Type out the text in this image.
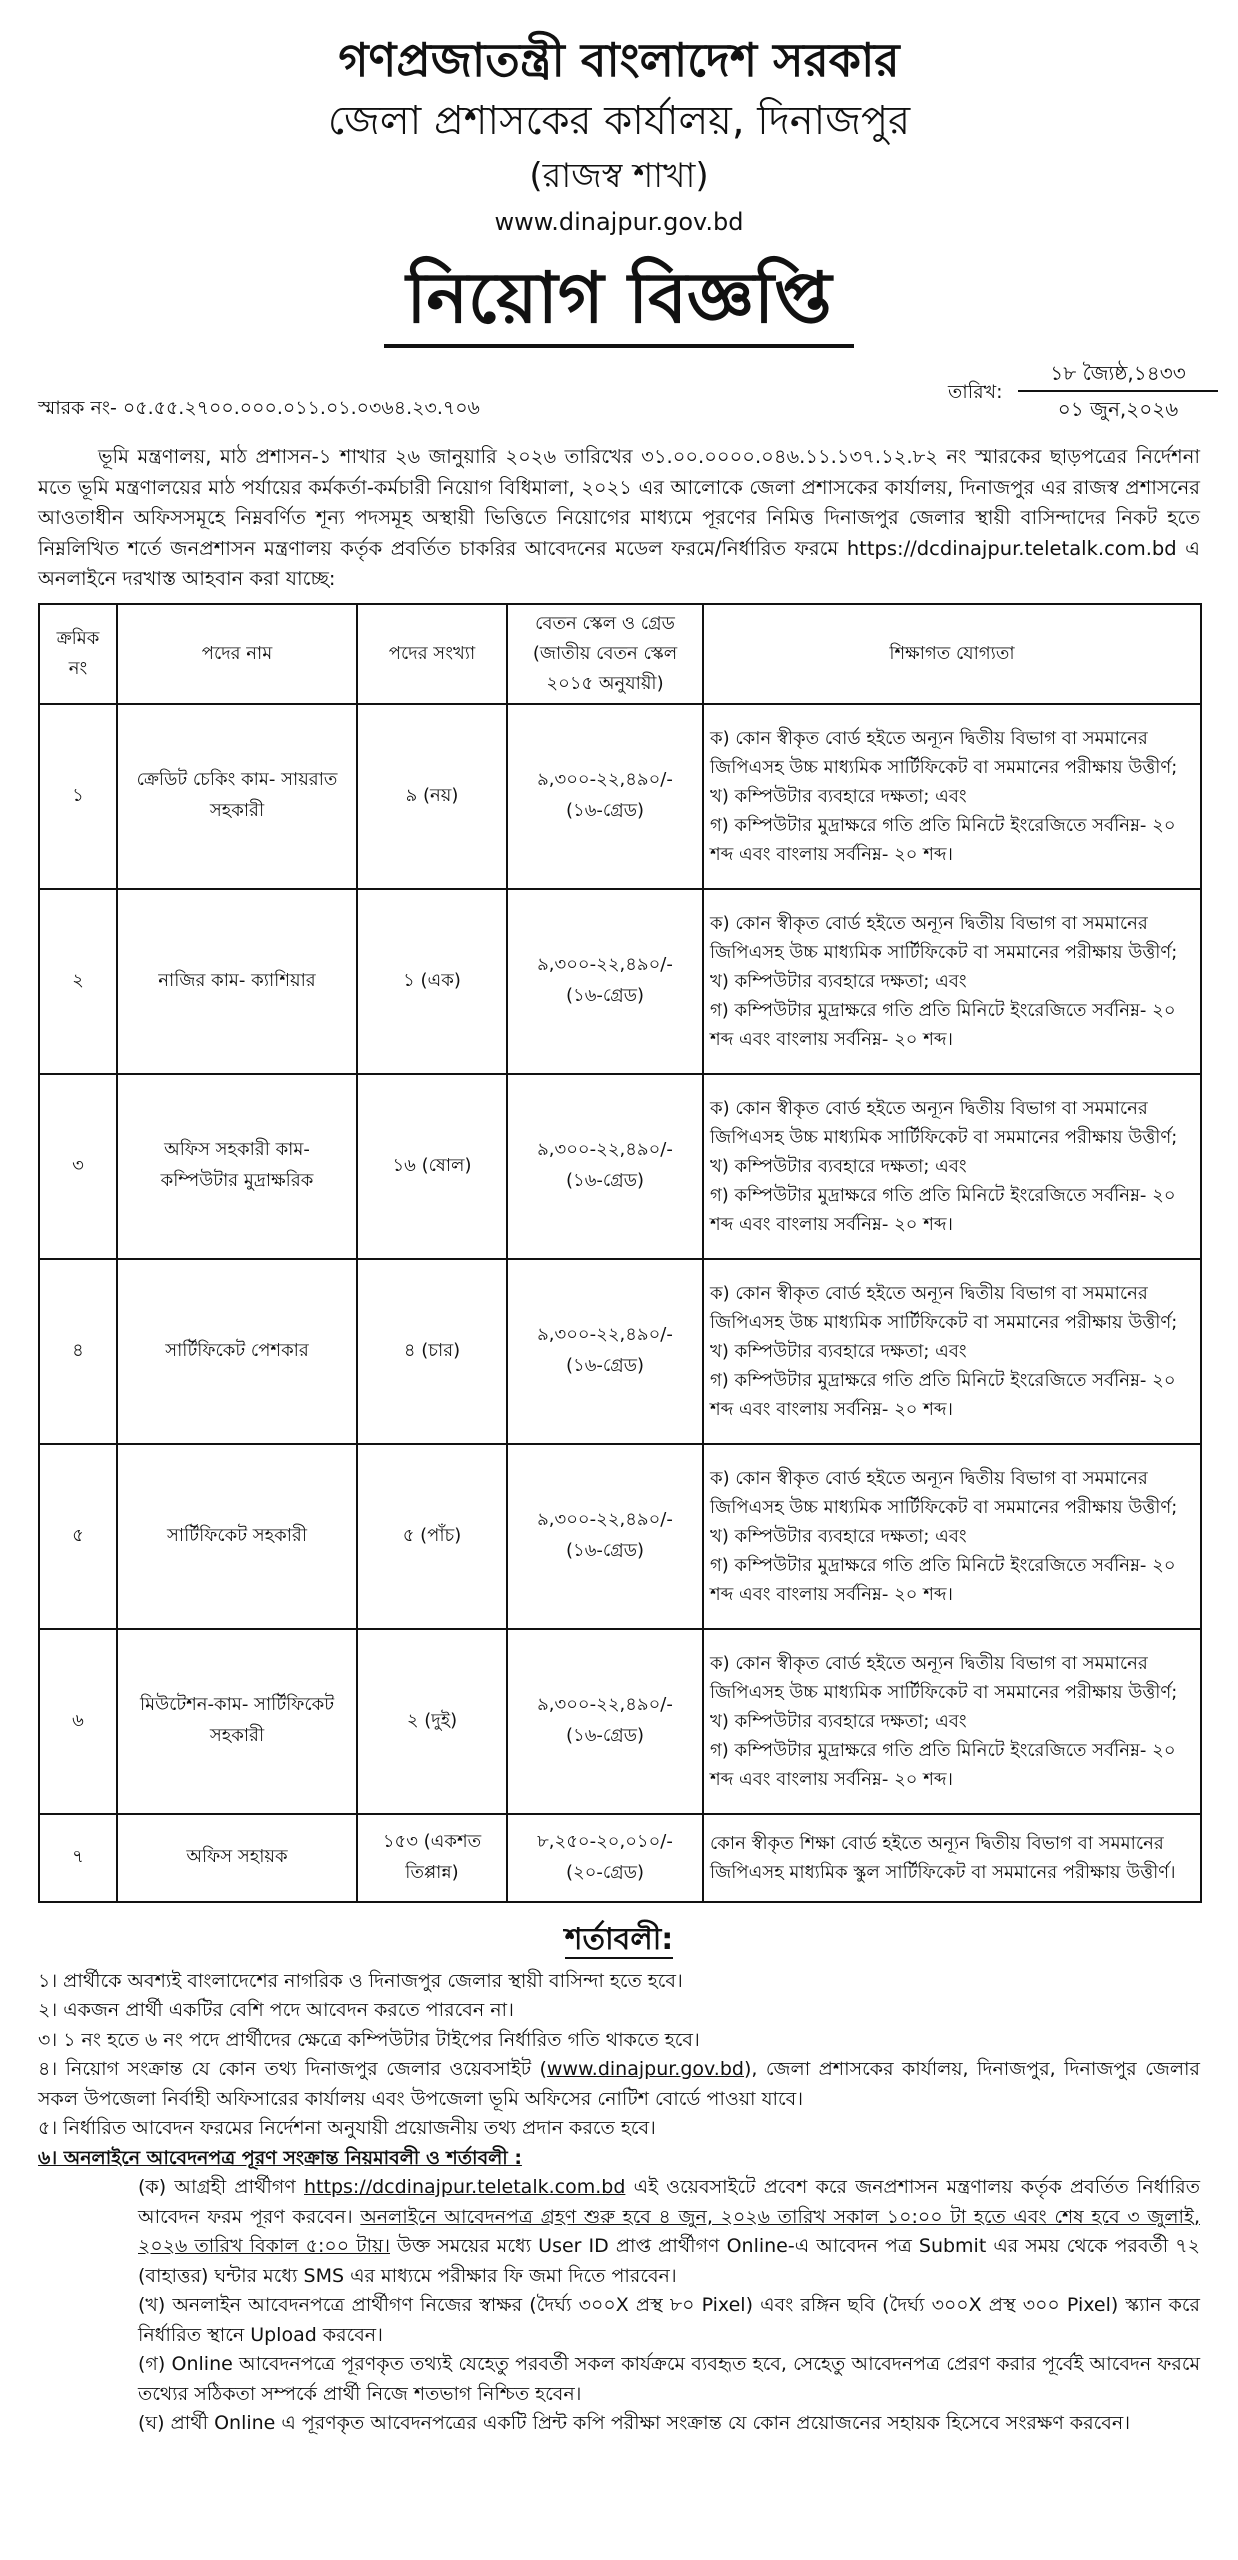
গণপ্রজাতন্ত্রী বাংলাদেশ সরকার
জেলা প্রশাসকের কার্যালয়, দিনাজপুর
(রাজস্ব শাখা)
www.dinajpur.gov.bd
নিয়োগ বিজ্ঞপ্তি
স্মারক নং- ০৫.৫৫.২৭০০.০০০.০১১.০১.০৩৬৪.২৩.৭০৬
তারিখ:
১৮ জ্যৈষ্ঠ,১৪৩৩
০১ জুন,২০২৬

ভূমি মন্ত্রণালয়, মাঠ প্রশাসন-১ শাখার ২৬ জানুয়ারি ২০২৬ তারিখের ৩১.০০.০০০০.০৪৬.১১.১৩৭.১২.৮২ নং স্মারকের ছাড়পত্রের নির্দেশনা মতে ভূমি মন্ত্রণালয়ের মাঠ পর্যায়ের কর্মকর্তা-কর্মচারী নিয়োগ বিধিমালা, ২০২১ এর আলোকে জেলা প্রশাসকের কার্যালয়, দিনাজপুর এর রাজস্ব প্রশাসনের আওতাধীন অফিসসমূহে নিম্নবর্ণিত শূন্য পদসমূহ অস্থায়ী ভিত্তিতে নিয়োগের মাধ্যমে পূরণের নিমিত্ত দিনাজপুর জেলার স্থায়ী বাসিন্দাদের নিকট হতে নিম্নলিখিত শর্তে জনপ্রশাসন মন্ত্রণালয় কর্তৃক প্রবর্তিত চাকরির আবেদনের মডেল ফরমে/নির্ধারিত ফরমে https://dcdinajpur.teletalk.com.bd এ অনলাইনে দরখাস্ত আহবান করা যাচ্ছে:

ক্রমিক নং	পদের নাম	পদের সংখ্যা	বেতন স্কেল ও গ্রেড (জাতীয় বেতন স্কেল ২০১৫ অনুযায়ী)	শিক্ষাগত যোগ্যতা
১	ক্রেডিট চেকিং কাম- সায়রাত সহকারী	৯ (নয়)	৯,৩০০-২২,৪৯০/-
(১৬-গ্রেড)	ক) কোন স্বীকৃত বোর্ড হইতে অন্যূন দ্বিতীয় বিভাগ বা সমমানের জিপিএসহ উচ্চ মাধ্যমিক সার্টিফিকেট বা সমমানের পরীক্ষায় উত্তীর্ণ;
খ) কম্পিউটার ব্যবহারে দক্ষতা; এবং
গ) কম্পিউটার মুদ্রাক্ষরে গতি প্রতি মিনিটে ইংরেজিতে সর্বনিম্ন- ২০ শব্দ এবং বাংলায় সর্বনিম্ন- ২০ শব্দ।

২	নাজির কাম- ক্যাশিয়ার	১ (এক)	৯,৩০০-২২,৪৯০/-
(১৬-গ্রেড)	ক) কোন স্বীকৃত বোর্ড হইতে অন্যূন দ্বিতীয় বিভাগ বা সমমানের জিপিএসহ উচ্চ মাধ্যমিক সার্টিফিকেট বা সমমানের পরীক্ষায় উত্তীর্ণ;
খ) কম্পিউটার ব্যবহারে দক্ষতা; এবং
গ) কম্পিউটার মুদ্রাক্ষরে গতি প্রতি মিনিটে ইংরেজিতে সর্বনিম্ন- ২০ শব্দ এবং বাংলায় সর্বনিম্ন- ২০ শব্দ।

৩	অফিস সহকারী কাম- কম্পিউটার মুদ্রাক্ষরিক	১৬ (ষোল)	৯,৩০০-২২,৪৯০/-
(১৬-গ্রেড)	ক) কোন স্বীকৃত বোর্ড হইতে অন্যূন দ্বিতীয় বিভাগ বা সমমানের জিপিএসহ উচ্চ মাধ্যমিক সার্টিফিকেট বা সমমানের পরীক্ষায় উত্তীর্ণ;
খ) কম্পিউটার ব্যবহারে দক্ষতা; এবং
গ) কম্পিউটার মুদ্রাক্ষরে গতি প্রতি মিনিটে ইংরেজিতে সর্বনিম্ন- ২০ শব্দ এবং বাংলায় সর্বনিম্ন- ২০ শব্দ।

৪	সার্টিফিকেট পেশকার	৪ (চার)	৯,৩০০-২২,৪৯০/-
(১৬-গ্রেড)	ক) কোন স্বীকৃত বোর্ড হইতে অন্যূন দ্বিতীয় বিভাগ বা সমমানের জিপিএসহ উচ্চ মাধ্যমিক সার্টিফিকেট বা সমমানের পরীক্ষায় উত্তীর্ণ;
খ) কম্পিউটার ব্যবহারে দক্ষতা; এবং
গ) কম্পিউটার মুদ্রাক্ষরে গতি প্রতি মিনিটে ইংরেজিতে সর্বনিম্ন- ২০ শব্দ এবং বাংলায় সর্বনিম্ন- ২০ শব্দ।

৫	সার্টিফিকেট সহকারী	৫ (পাঁচ)	৯,৩০০-২২,৪৯০/-
(১৬-গ্রেড)	ক) কোন স্বীকৃত বোর্ড হইতে অন্যূন দ্বিতীয় বিভাগ বা সমমানের জিপিএসহ উচ্চ মাধ্যমিক সার্টিফিকেট বা সমমানের পরীক্ষায় উত্তীর্ণ;
খ) কম্পিউটার ব্যবহারে দক্ষতা; এবং
গ) কম্পিউটার মুদ্রাক্ষরে গতি প্রতি মিনিটে ইংরেজিতে সর্বনিম্ন- ২০ শব্দ এবং বাংলায় সর্বনিম্ন- ২০ শব্দ।

৬	মিউটেশন-কাম- সার্টিফিকেট সহকারী	২ (দুই)	৯,৩০০-২২,৪৯০/-
(১৬-গ্রেড)	ক) কোন স্বীকৃত বোর্ড হইতে অন্যূন দ্বিতীয় বিভাগ বা সমমানের জিপিএসহ উচ্চ মাধ্যমিক সার্টিফিকেট বা সমমানের পরীক্ষায় উত্তীর্ণ;
খ) কম্পিউটার ব্যবহারে দক্ষতা; এবং
গ) কম্পিউটার মুদ্রাক্ষরে গতি প্রতি মিনিটে ইংরেজিতে সর্বনিম্ন- ২০ শব্দ এবং বাংলায় সর্বনিম্ন- ২০ শব্দ।

৭	অফিস সহায়ক	১৫৩ (একশত তিপ্পান্ন)	৮,২৫০-২০,০১০/-
(২০-গ্রেড)	কোন স্বীকৃত শিক্ষা বোর্ড হইতে অন্যূন দ্বিতীয় বিভাগ বা সমমানের জিপিএসহ মাধ্যমিক স্কুল সার্টিফিকেট বা সমমানের পরীক্ষায় উত্তীর্ণ।
শর্তাবলী:

১। প্রার্থীকে অবশ্যই বাংলাদেশের নাগরিক ও দিনাজপুর জেলার স্থায়ী বাসিন্দা হতে হবে।

২। একজন প্রার্থী একটির বেশি পদে আবেদন করতে পারবেন না।

৩। ১ নং হতে ৬ নং পদে প্রার্থীদের ক্ষেত্রে কম্পিউটার টাইপের নির্ধারিত গতি থাকতে হবে।

৪। নিয়োগ সংক্রান্ত যে কোন তথ্য দিনাজপুর জেলার ওয়েবসাইট (www.dinajpur.gov.bd), জেলা প্রশাসকের কার্যালয়, দিনাজপুর, দিনাজপুর জেলার সকল উপজেলা নির্বাহী অফিসারের কার্যালয় এবং উপজেলা ভূমি অফিসের নোটিশ বোর্ডে পাওয়া যাবে।

৫। নির্ধারিত আবেদন ফরমের নির্দেশনা অনুযায়ী প্রয়োজনীয় তথ্য প্রদান করতে হবে।

৬। অনলাইনে আবেদনপত্র পূরণ সংক্রান্ত নিয়মাবলী ও শর্তাবলী :

(ক) আগ্রহী প্রার্থীগণ https://dcdinajpur.teletalk.com.bd এই ওয়েবসাইটে প্রবেশ করে জনপ্রশাসন মন্ত্রণালয় কর্তৃক প্রবর্তিত নির্ধারিত আবেদন ফরম পূরণ করবেন। অনলাইনে আবেদনপত্র গ্রহণ শুরু হবে ৪ জুন, ২০২৬ তারিখ সকাল ১০:০০ টা হতে এবং শেষ হবে ৩ জুলাই, ২০২৬ তারিখ বিকাল ৫:০০ টায়। উক্ত সময়ের মধ্যে User ID প্রাপ্ত প্রার্থীগণ Online-এ আবেদন পত্র Submit এর সময় থেকে পরবর্তী ৭২ (বাহাত্তর) ঘন্টার মধ্যে SMS এর মাধ্যমে পরীক্ষার ফি জমা দিতে পারবেন।

(খ) অনলাইন আবেদনপত্রে প্রার্থীগণ নিজের স্বাক্ষর (দৈর্ঘ্য ৩০০X প্রস্থ ৮০ Pixel) এবং রঙ্গিন ছবি (দৈর্ঘ্য ৩০০X প্রস্থ ৩০০ Pixel) স্ক্যান করে নির্ধারিত স্থানে Upload করবেন।

(গ) Online আবেদনপত্রে পূরণকৃত তথ্যই যেহেতু পরবর্তী সকল কার্যক্রমে ব্যবহৃত হবে, সেহেতু আবেদনপত্র প্রেরণ করার পূর্বেই আবেদন ফরমে তথ্যের সঠিকতা সম্পর্কে প্রার্থী নিজে শতভাগ নিশ্চিত হবেন।

(ঘ) প্রার্থী Online এ পূরণকৃত আবেদনপত্রের একটি প্রিন্ট কপি পরীক্ষা সংক্রান্ত যে কোন প্রয়োজনের সহায়ক হিসেবে সংরক্ষণ করবেন।
